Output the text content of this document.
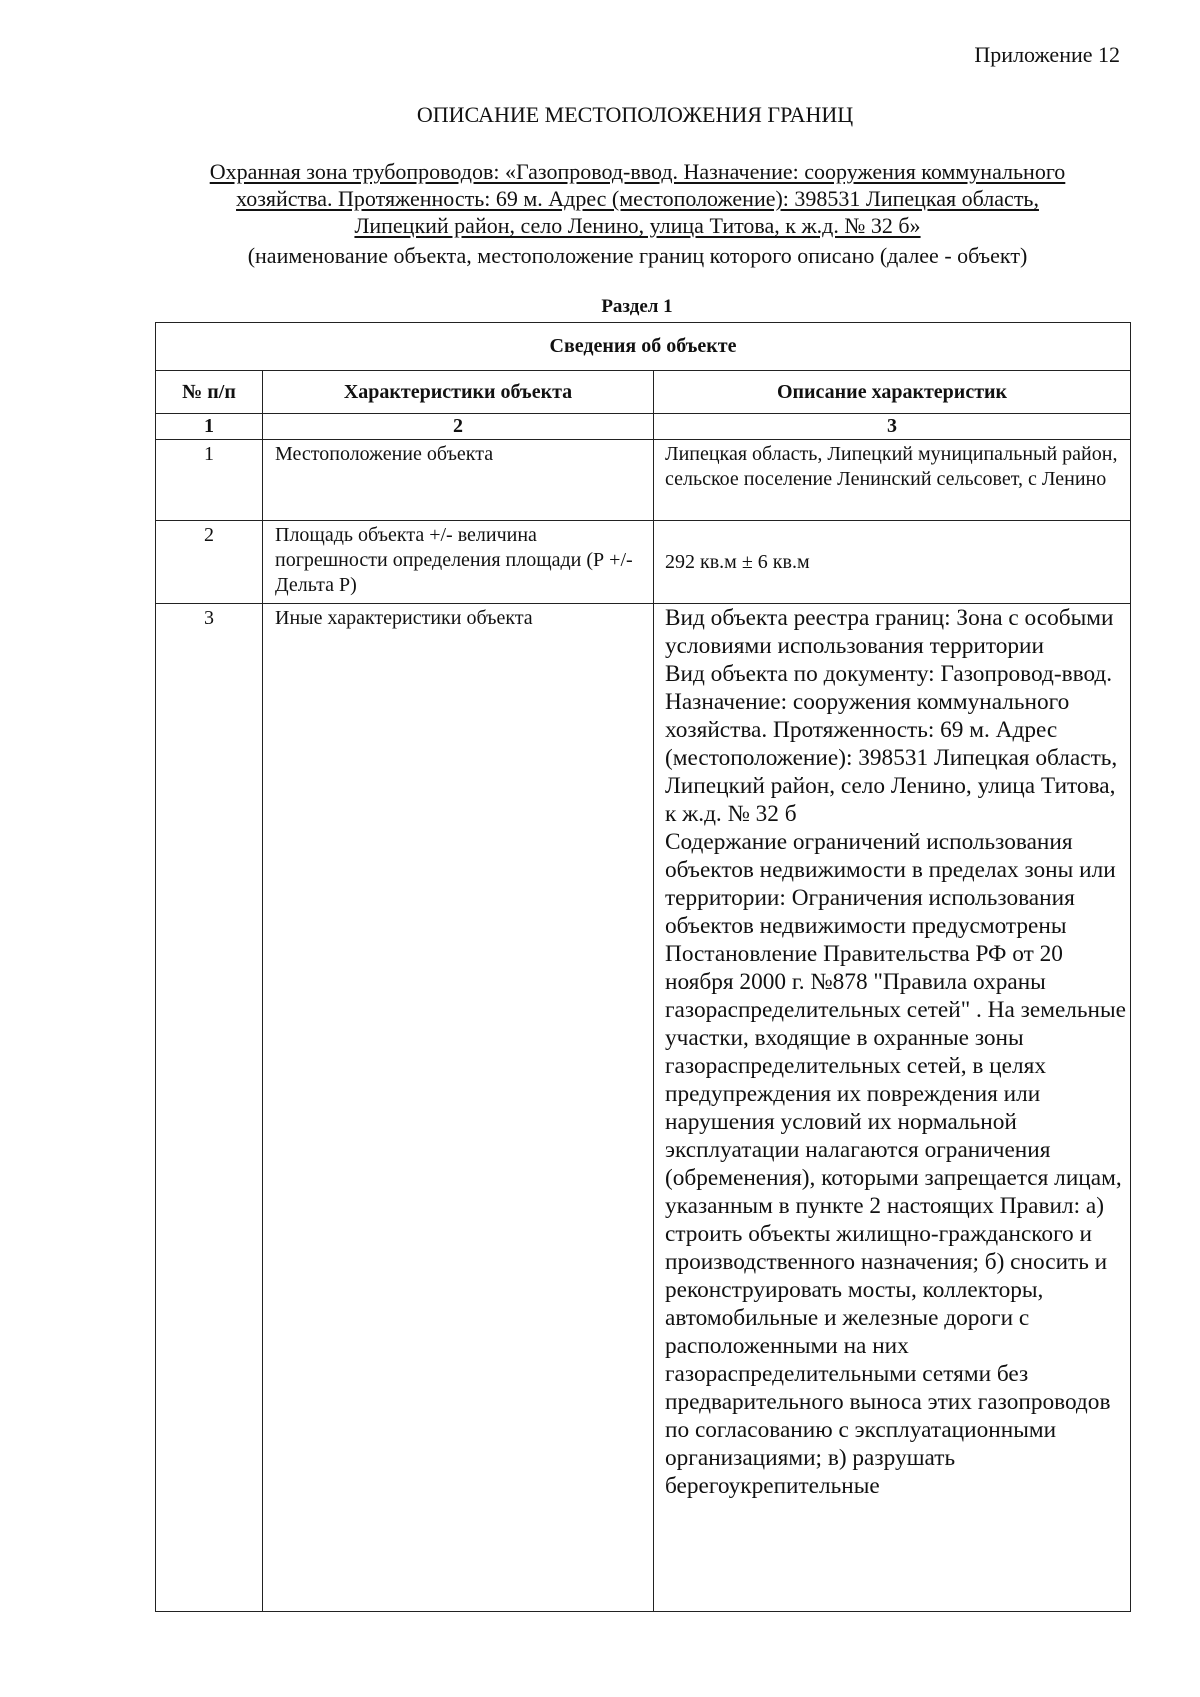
Приложение 12
ОПИСАНИЕ МЕСТОПОЛОЖЕНИЯ ГРАНИЦ
Охранная зона трубопроводов: «Газопровод-ввод. Назначение: сооружения коммунального
хозяйства. Протяженность: 69 м. Адрес (местоположение): 398531 Липецкая область,
Липецкий район, село Ленино, улица Титова, к ж.д. № 32 б»
(наименование объекта, местоположение границ которого описано (далее - объект)
Раздел 1
Сведения об объекте		
№ п/п	Характеристики объекта	Описание характеристик
1	2	3
1	Местоположение объекта	Липецкая область, Липецкий муниципальный район, сельское поселение Ленинский сельсовет, с Ленино
2	Площадь объекта +/- величина погрешности определения площади (Р +/- Дельта Р)	292 кв.м ± 6 кв.м
3	Иные характеристики объекта	Вид объекта реестра границ: Зона с особыми условиями использования территории
Вид объекта по документу: Газопровод-ввод. Назначение: сооружения коммунального хозяйства. Протяженность: 69 м. Адрес (местоположение): 398531 Липецкая область, Липецкий район, село Ленино, улица Титова, к ж.д. № 32 б
Содержание ограничений использования объектов недвижимости в пределах зоны или территории: Ограничения использования объектов недвижимости предусмотрены Постановление Правительства РФ от 20 ноября 2000 г. №878 "Правила охраны газораспределительных сетей" . На земельные участки, входящие в охранные зоны газораспределительных сетей, в целях предупреждения их повреждения или нарушения условий их нормальной эксплуатации налагаются ограничения (обременения), которыми запрещается лицам, указанным в пункте 2 настоящих Правил: а) строить объекты жилищно-гражданского и производственного назначения; б) сносить и реконструировать мосты, коллекторы, автомобильные и железные дороги с расположенными на них газораспределительными сетями без предварительного выноса этих газопроводов по согласованию с эксплуатационными организациями; в) разрушать берегоукрепительные
